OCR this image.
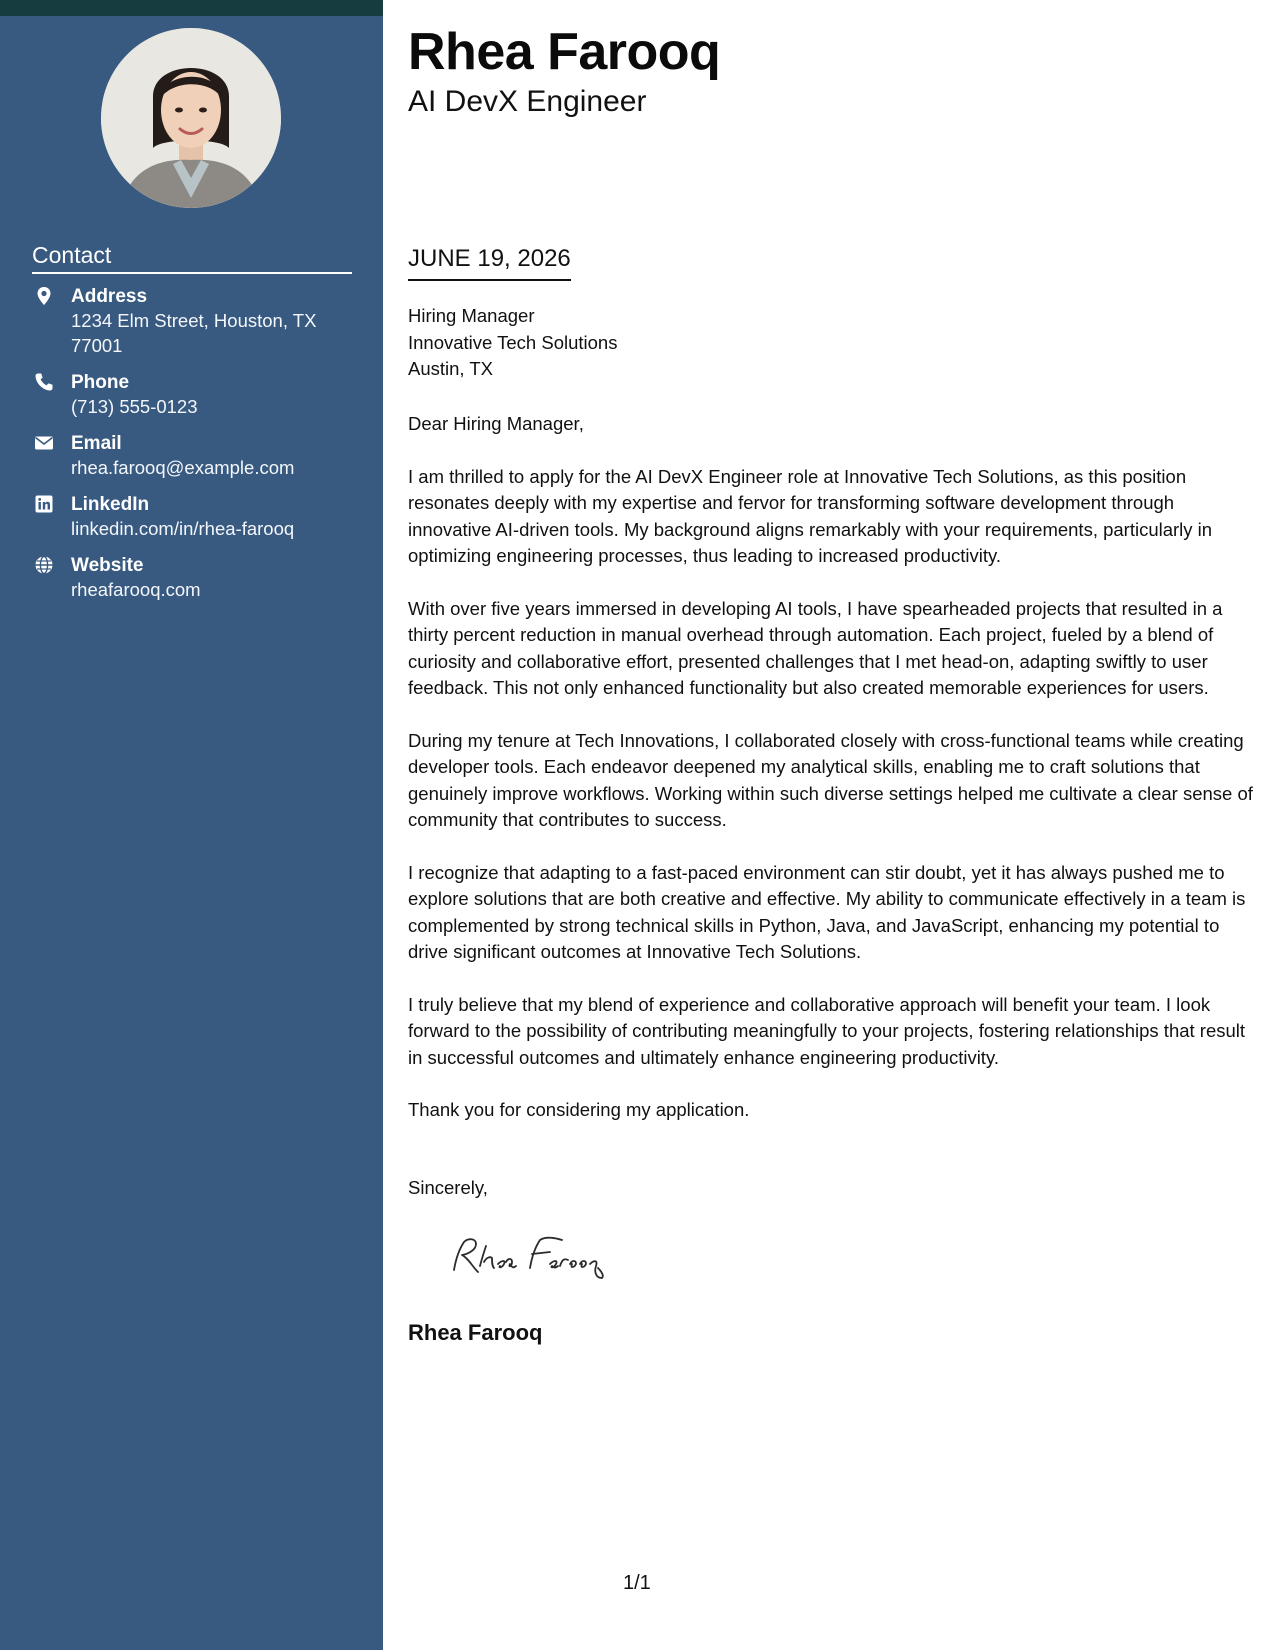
Contact
Address
1234 Elm Street, Houston, TX 77001
Phone
(713) 555-0123
Email
rhea.farooq@example.com
LinkedIn
linkedin.com/in/rhea-farooq
Website
rheafarooq.com
Rhea Farooq
AI DevX Engineer
JUNE 19, 2026
Hiring Manager
Innovative Tech Solutions
Austin, TX

Dear Hiring Manager,

I am thrilled to apply for the AI DevX Engineer role at Innovative Tech Solutions, as this position resonates deeply with my expertise and fervor for transforming software development through innovative AI-driven tools. My background aligns remarkably with your requirements, particularly in optimizing engineering processes, thus leading to increased productivity.

With over five years immersed in developing AI tools, I have spearheaded projects that resulted in a thirty percent reduction in manual overhead through automation. Each project, fueled by a blend of curiosity and collaborative effort, presented challenges that I met head-on, adapting swiftly to user feedback. This not only enhanced functionality but also created memorable experiences for users.

During my tenure at Tech Innovations, I collaborated closely with cross-functional teams while creating developer tools. Each endeavor deepened my analytical skills, enabling me to craft solutions that genuinely improve workflows. Working within such diverse settings helped me cultivate a clear sense of community that contributes to success.

I recognize that adapting to a fast-paced environment can stir doubt, yet it has always pushed me to explore solutions that are both creative and effective. My ability to communicate effectively in a team is complemented by strong technical skills in Python, Java, and JavaScript, enhancing my potential to drive significant outcomes at Innovative Tech Solutions.

I truly believe that my blend of experience and collaborative approach will benefit your team. I look forward to the possibility of contributing meaningfully to your projects, fostering relationships that result in successful outcomes and ultimately enhance engineering productivity.

Thank you for considering my application.

Sincerely,
Rhea Farooq
1/1
